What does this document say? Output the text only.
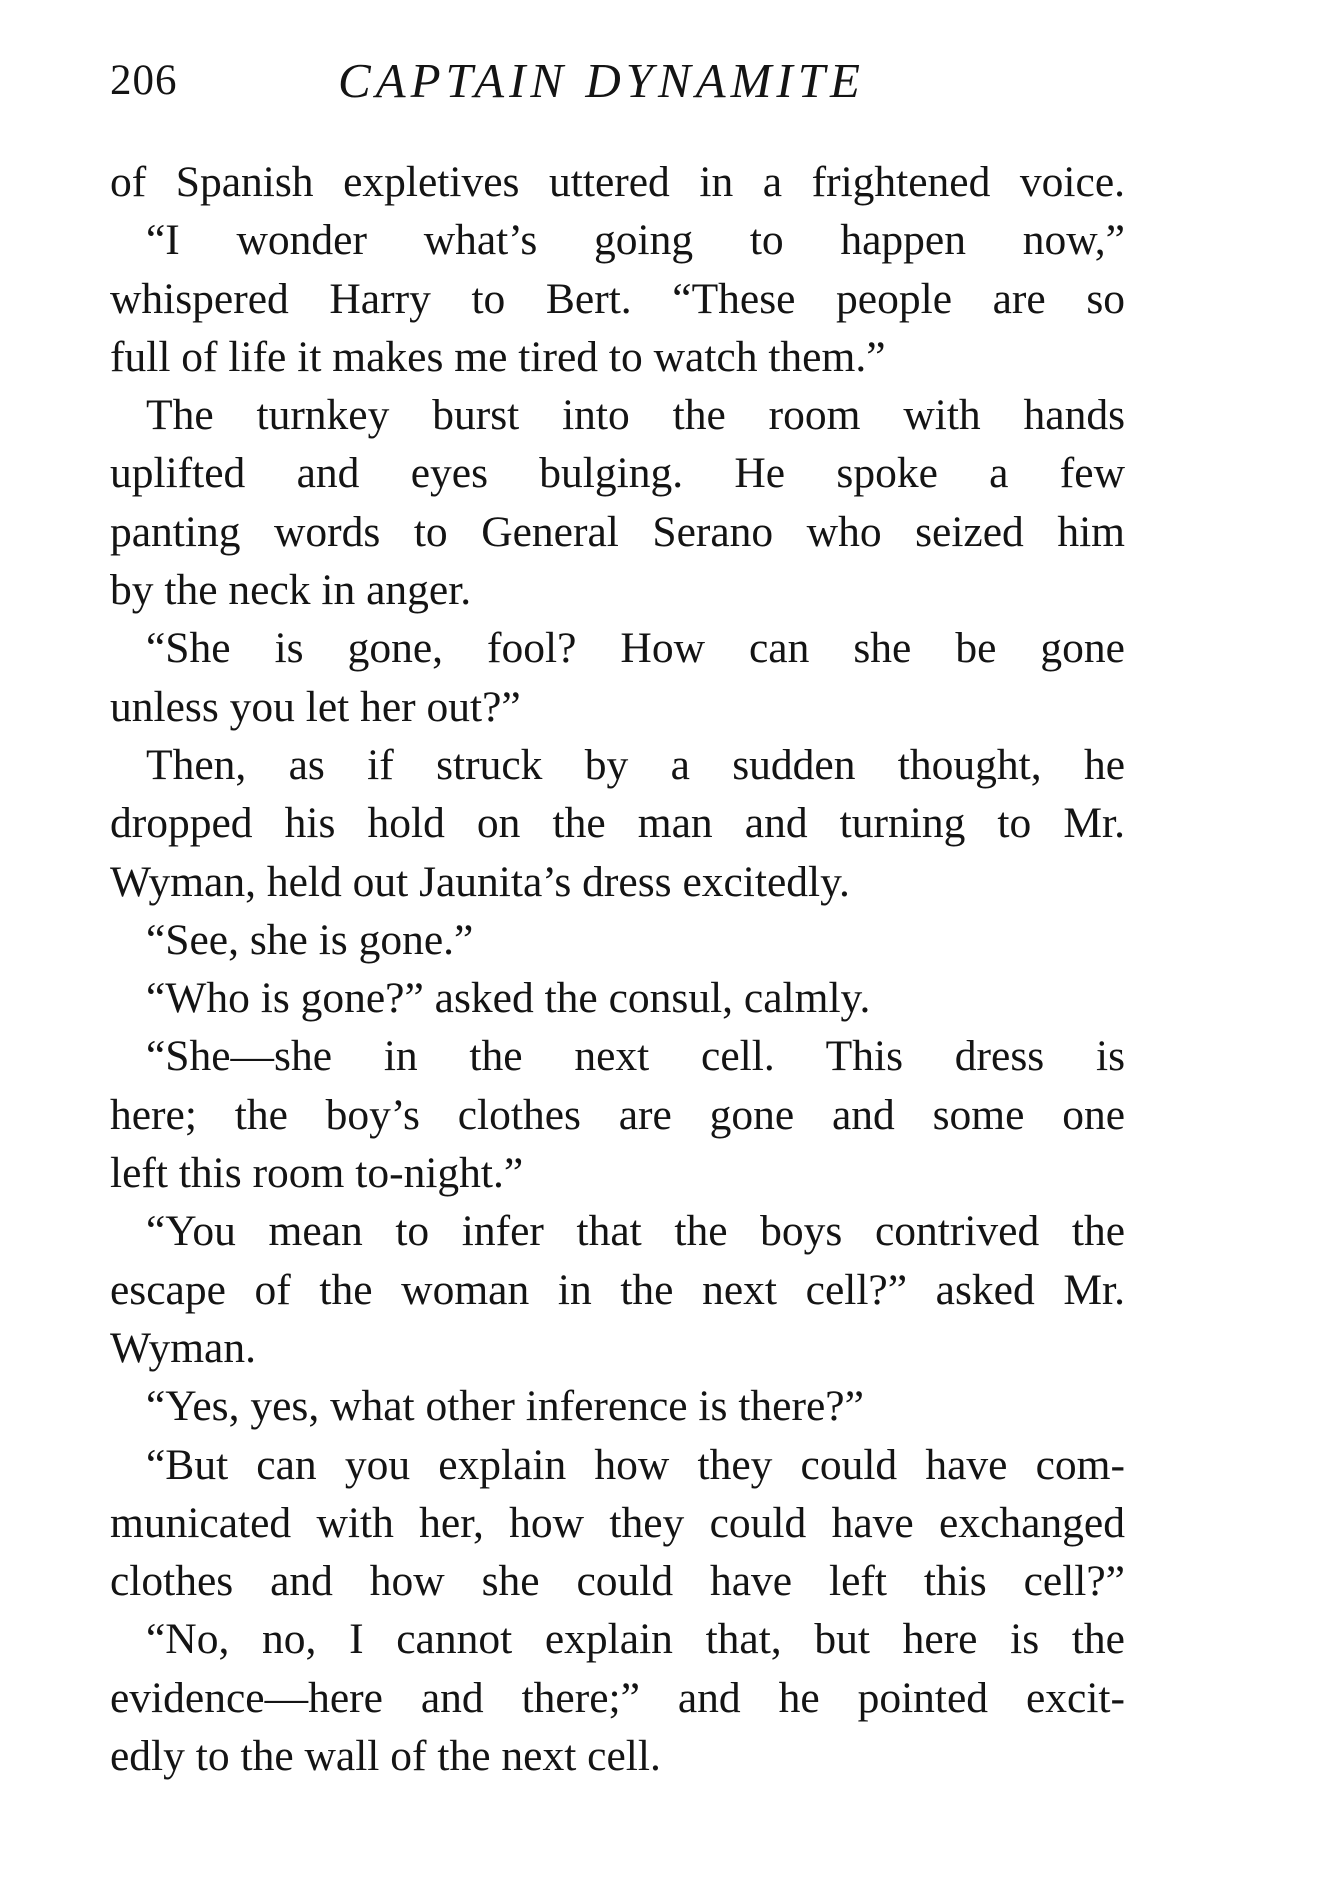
206	CAPTAIN DYNAMITE
of Spanish expletives uttered in a frightened voice.
“I wonder what’s going to happen now,”
whispered Harry to Bert. “These people are so
full of life it makes me tired to watch them.”
The turnkey burst into the room with hands
uplifted and eyes bulging. He spoke a few
panting words to General Serano who seized him
by the neck in anger.
“She is gone, fool? How can she be gone
unless you let her out?”
Then, as if struck by a sudden thought, he
dropped his hold on the man and turning to Mr.
Wyman, held out Jaunita’s dress excitedly.
“See, she is gone.”
“Who is gone?” asked the consul, calmly.
“She—she in the next cell. This dress is
here; the boy’s clothes are gone and some one
left this room to-night.”
“You mean to infer that the boys contrived the
escape of the woman in the next cell?” asked Mr.
Wyman.
“Yes, yes, what other inference is there?”
“But can you explain how they could have com-
municated with her, how they could have exchanged
clothes and how she could have left this cell?”
“No, no, I cannot explain that, but here is the
evidence—here and there;” and he pointed excit-
edly to the wall of the next cell.
